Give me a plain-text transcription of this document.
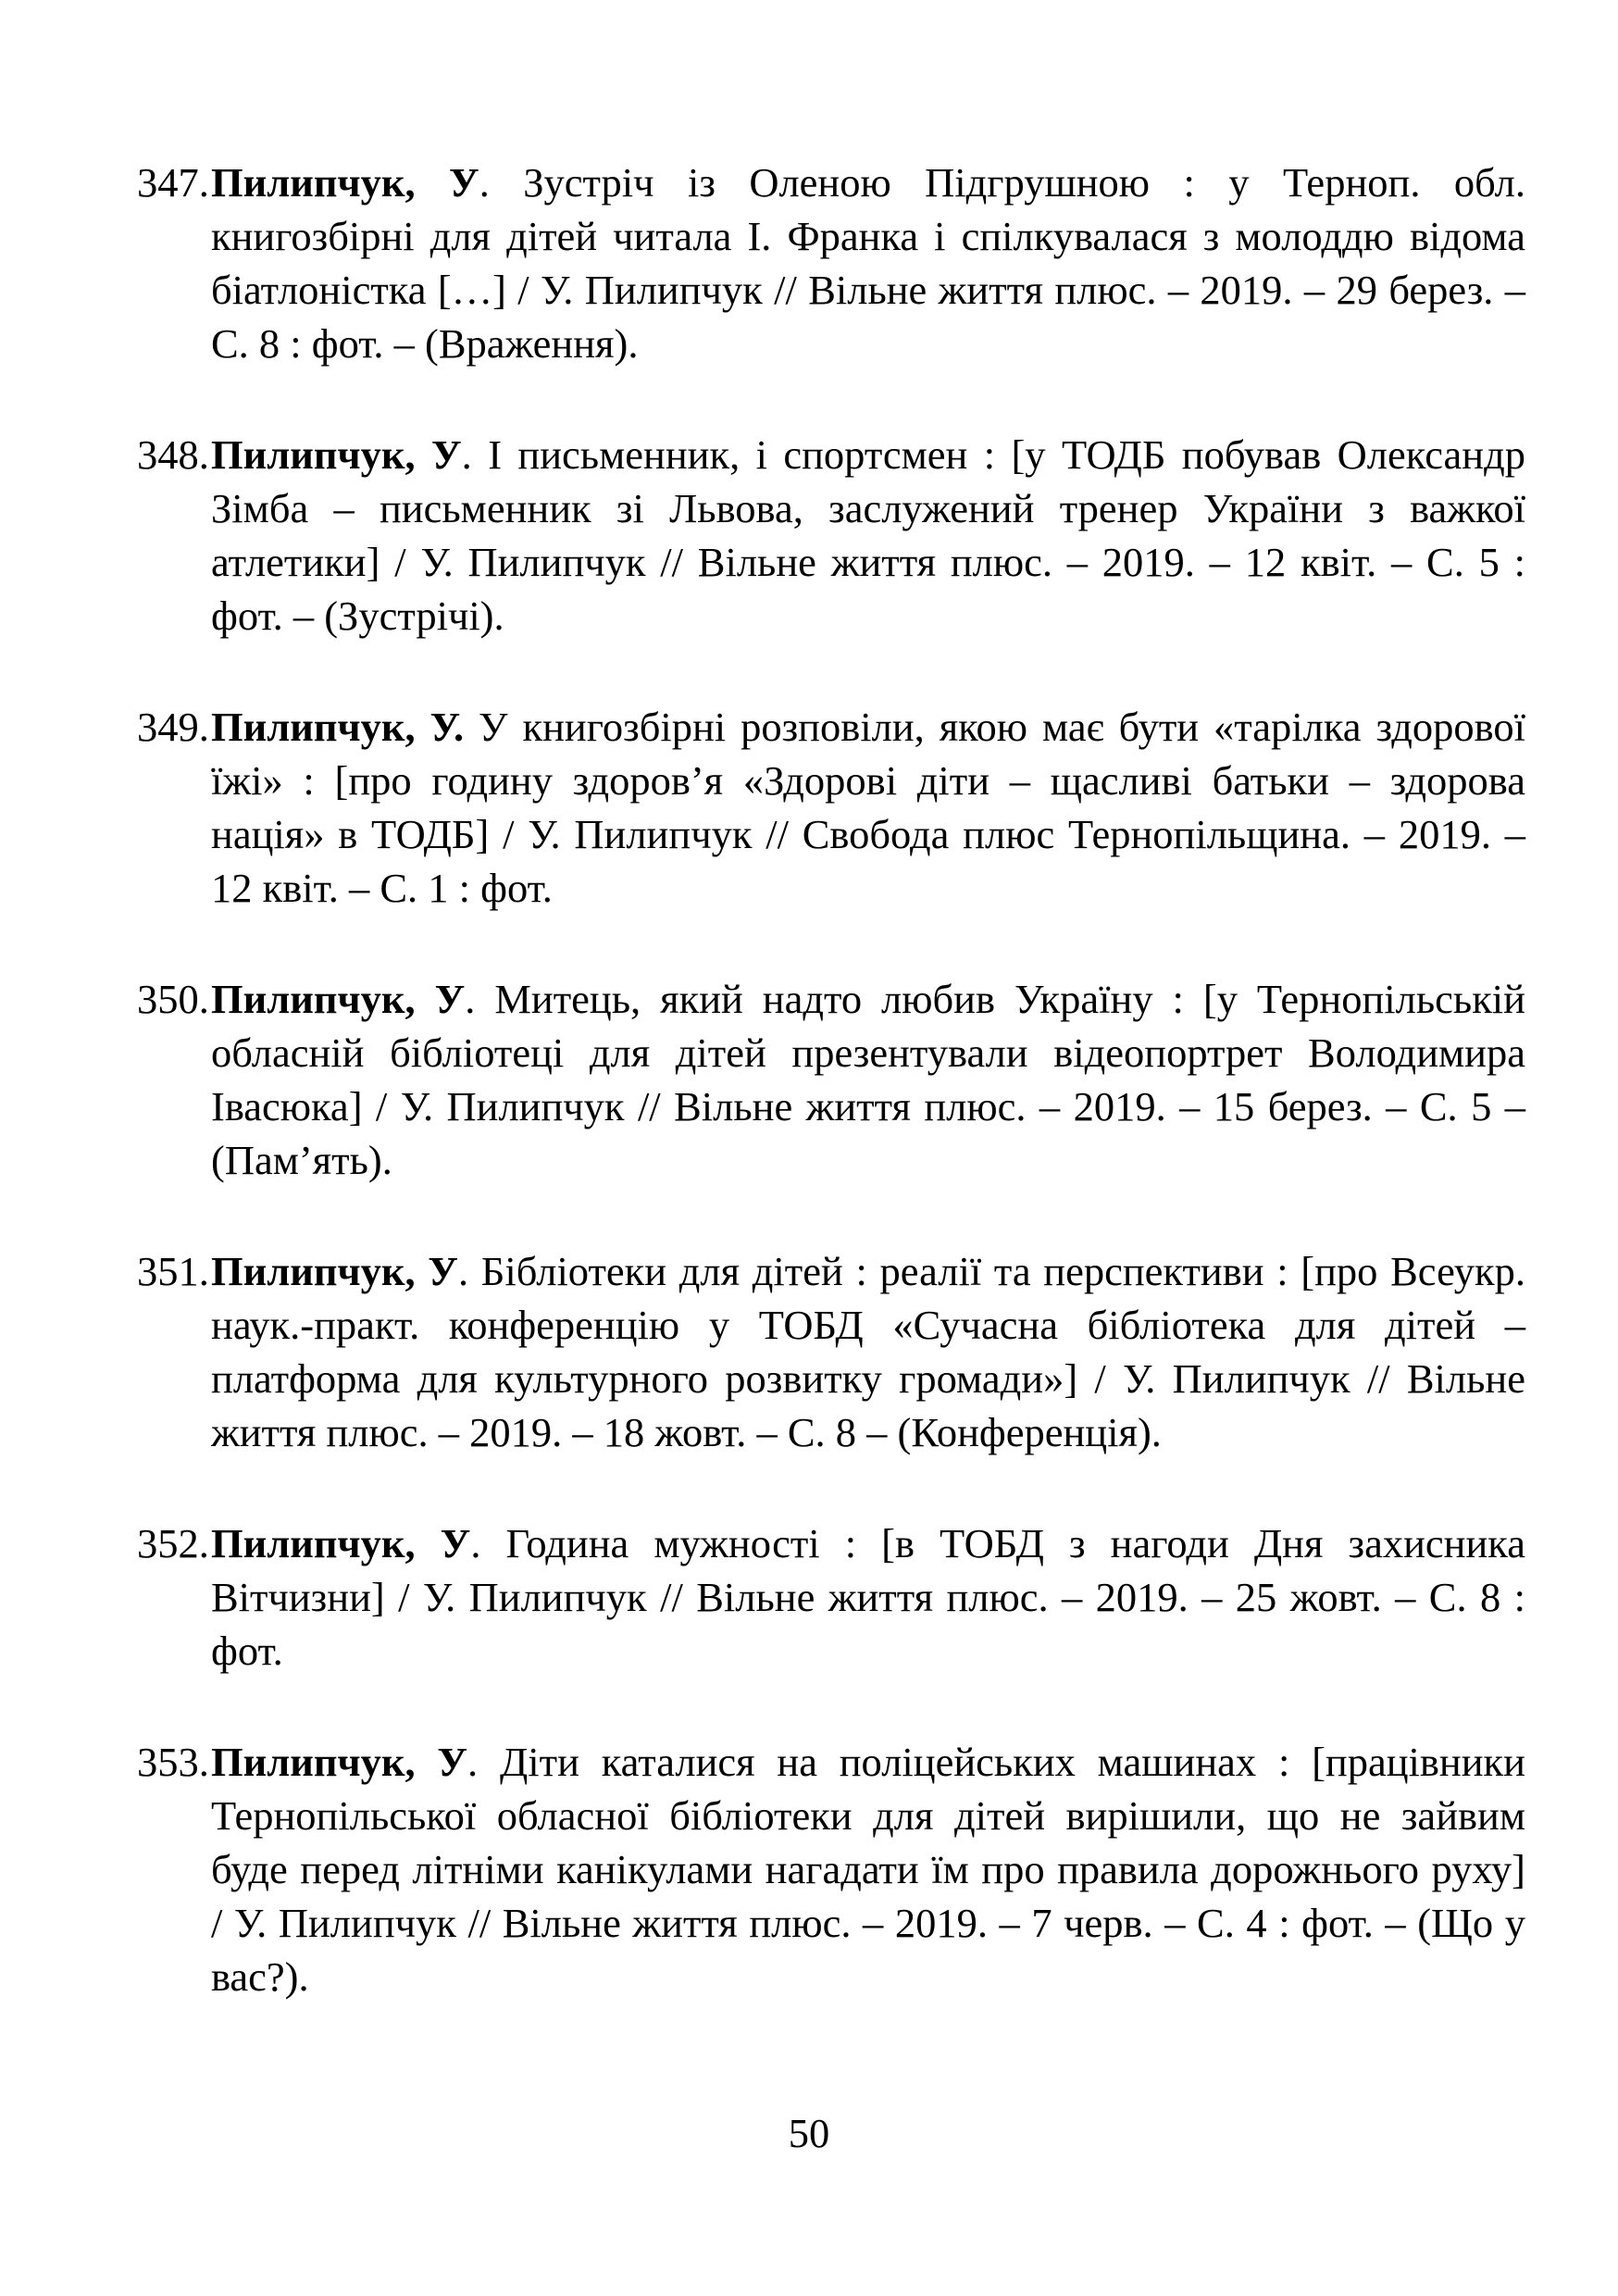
347. Пилипчук, У. Зустріч із Оленою Підгрушною : у Терноп. обл. книгозбірні для дітей читала І. Франка і спілкувалася з молоддю відома біатлоністка […] / У. Пилипчук // Вільне життя плюс. – 2019. – 29 берез. – С. 8 : фот. – (Враження).
348. Пилипчук, У. І письменник, і спортсмен : [у ТОДБ побував Олександр Зімба – письменник зі Львова, заслужений тренер України з важкої атлетики] / У. Пилипчук // Вільне життя плюс. – 2019. – 12 квіт. – С. 5 : фот. – (Зустрічі).
349. Пилипчук, У. У книгозбірні розповіли, якою має бути «тарілка здорової їжі» : [про годину здоров’я «Здорові діти – щасливі батьки – здорова нація» в ТОДБ] / У. Пилипчук // Свобода плюс Тернопільщина. – 2019. – 12 квіт. – С. 1 : фот.
350. Пилипчук, У. Митець, який надто любив Україну : [у Тернопільській обласній бібліотеці для дітей презентували відеопортрет Володимира Івасюка] / У. Пилипчук // Вільне життя плюс. – 2019. – 15 берез. – С. 5 – (Пам’ять).
351. Пилипчук, У. Бібліотеки для дітей : реалії та перспективи : [про Всеукр. наук.-практ. конференцію у ТОБД «Сучасна бібліотека для дітей – платформа для культурного розвитку громади»] / У. Пилипчук // Вільне життя плюс. – 2019. – 18 жовт. – С. 8 – (Конференція).
352. Пилипчук, У. Година мужності : [в ТОБД з нагоди Дня захисника Вітчизни] / У. Пилипчук // Вільне життя плюс. – 2019. – 25 жовт. – С. 8 : фот.
353. Пилипчук, У. Діти каталися на поліцейських машинах : [працівники Тернопільської обласної бібліотеки для дітей вирішили, що не зайвим буде перед літніми канікулами нагадати їм про правила дорожнього руху] / У. Пилипчук // Вільне життя плюс. – 2019. – 7 черв. – С. 4 : фот. – (Що у вас?).
50
